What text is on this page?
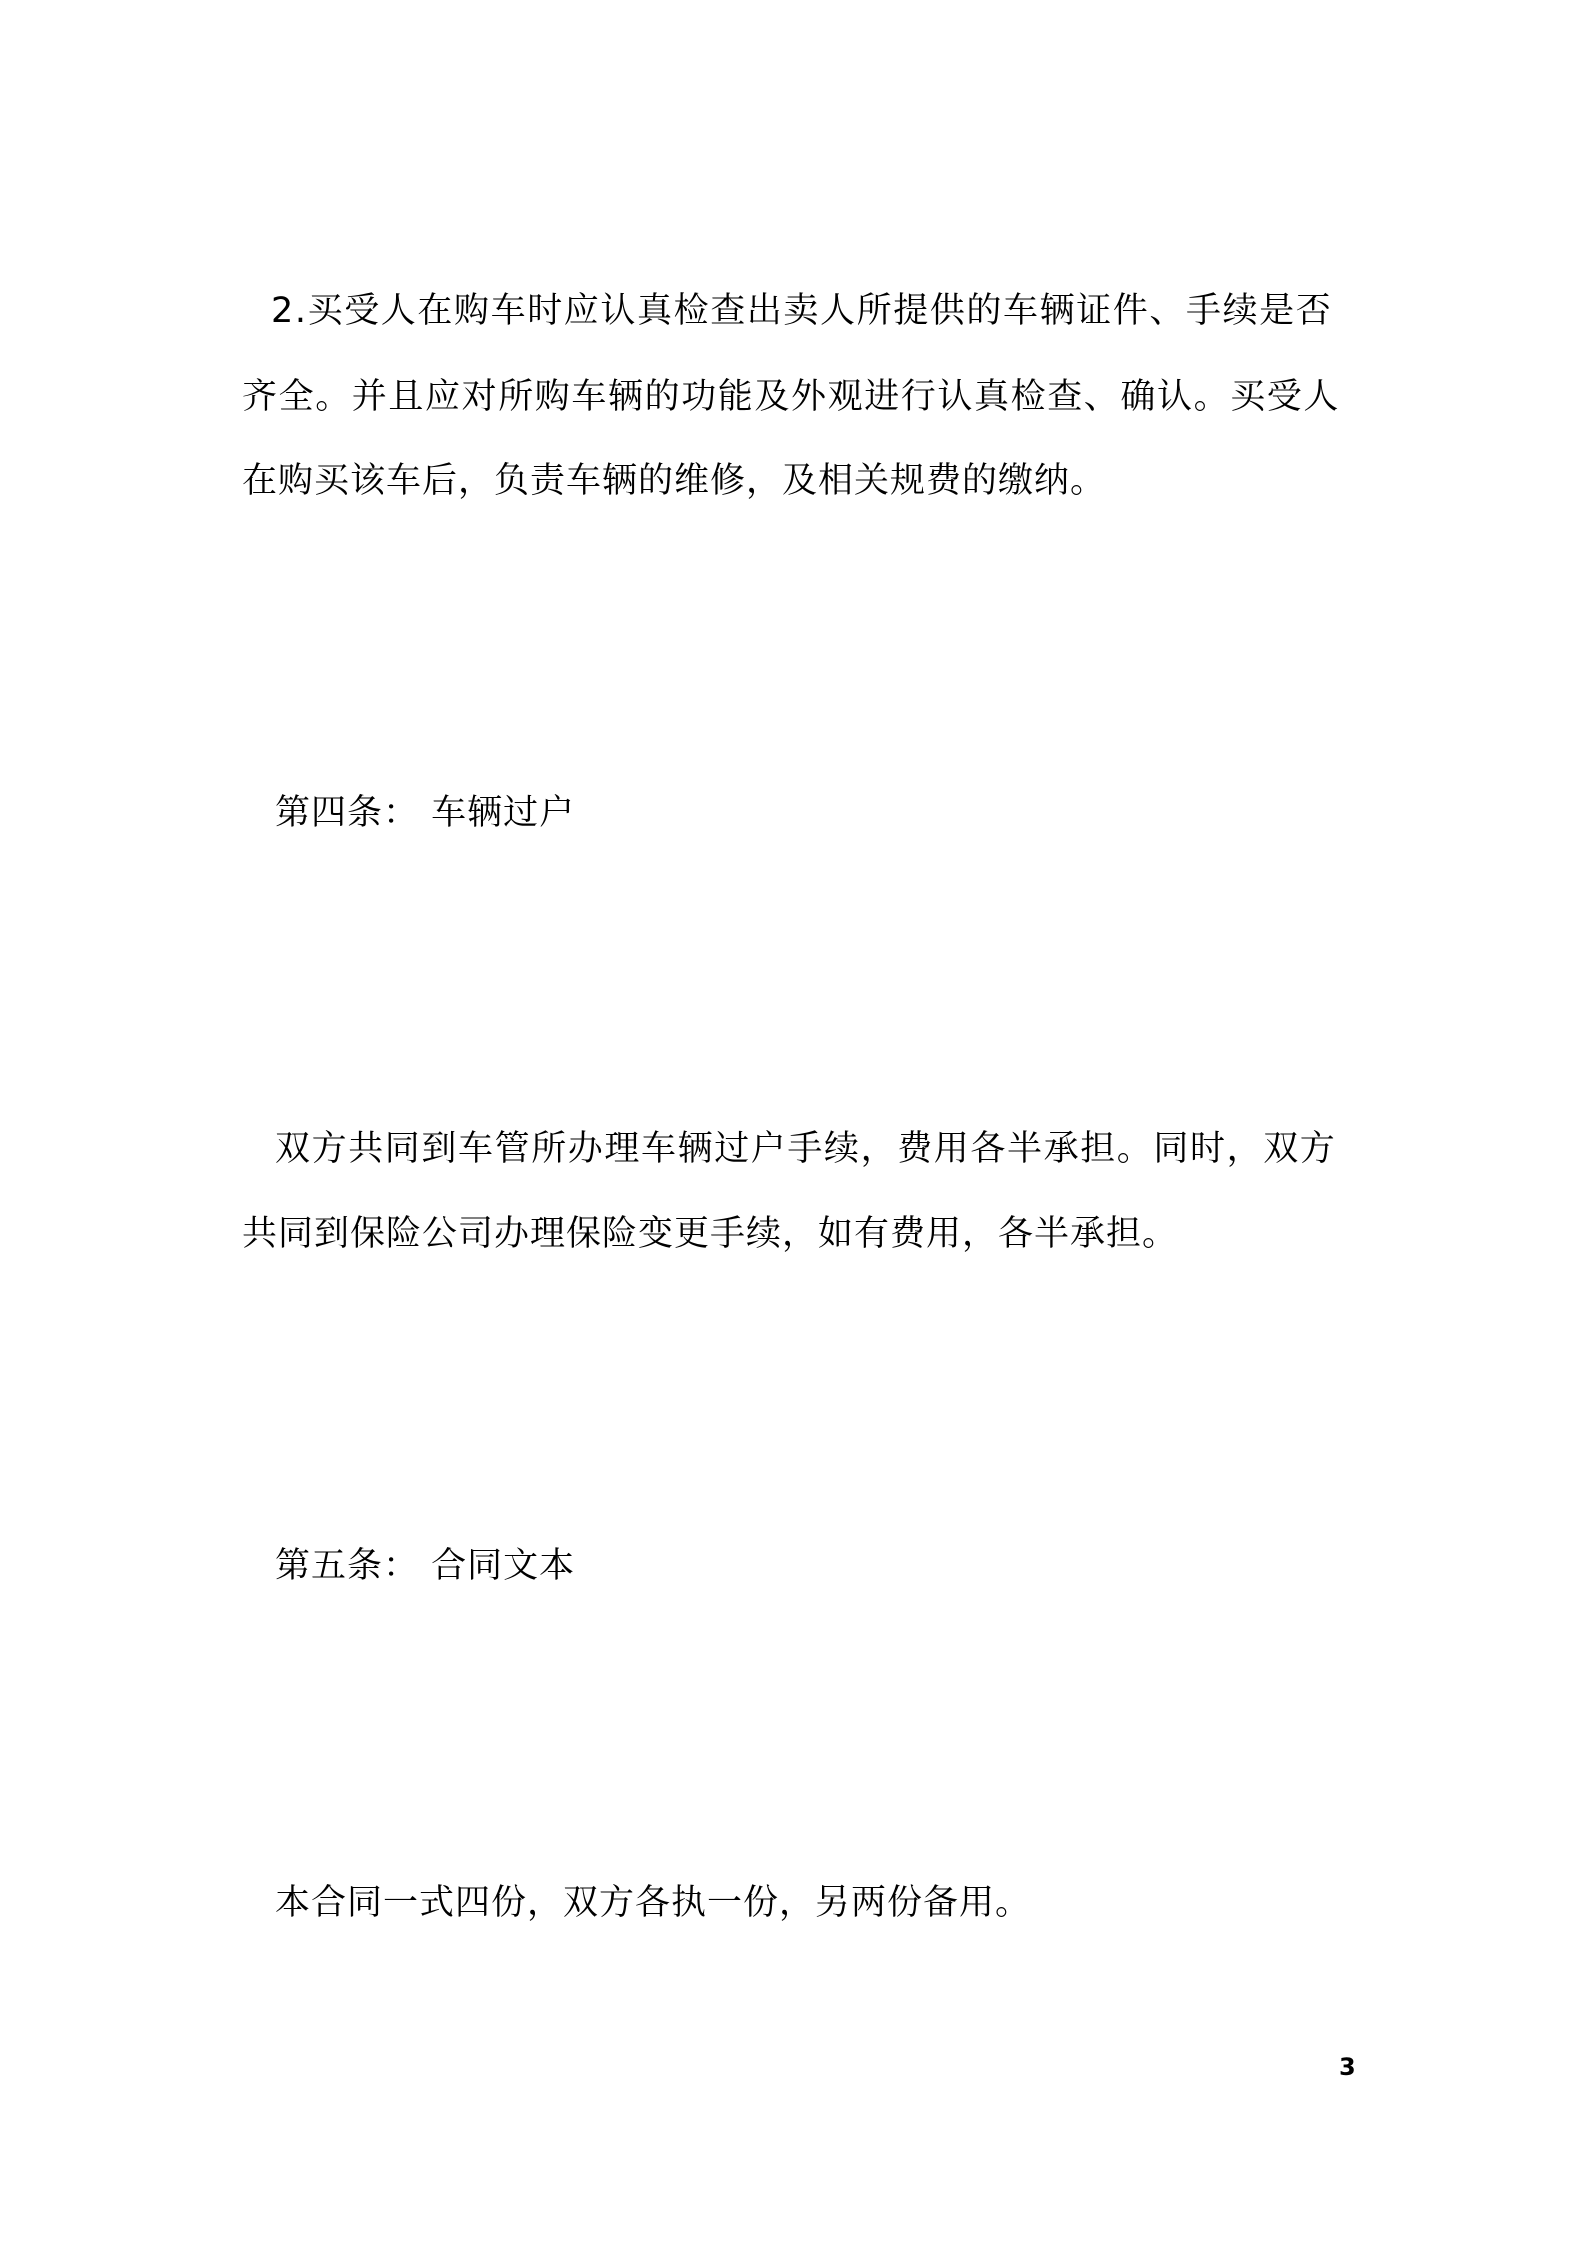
2.买受人在购车时应认真检查出卖人所提供的车辆证件、手续是否
齐全。并且应对所购车辆的功能及外观进行认真检查、确认。买受人
在购买该车后，负责车辆的维修，及相关规费的缴纳。
第四条： 车辆过户
双方共同到车管所办理车辆过户手续，费用各半承担。同时，双方
共同到保险公司办理保险变更手续，如有费用，各半承担。
第五条： 合同文本
本合同一式四份，双方各执一份，另两份备用。
3
